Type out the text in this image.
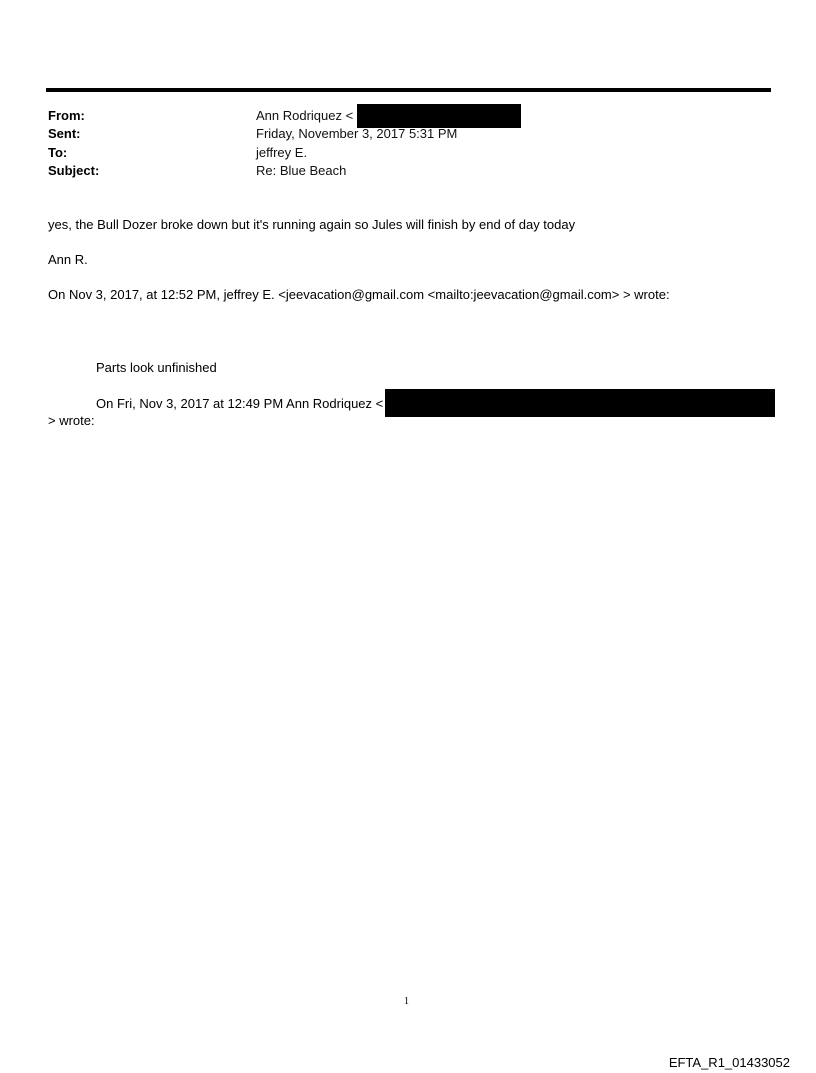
From:	Ann Rodriquez <
Sent:	Friday, November 3, 2017 5:31 PM
To:	jeffrey E.
Subject:	Re: Blue Beach
yes, the Bull Dozer broke down but it's running again so Jules will finish by end of day today
Ann R.
On Nov 3, 2017, at 12:52 PM, jeffrey E. <jeevacation@gmail.com <mailto:jeevacation@gmail.com> > wrote:
Parts look unfinished
On Fri, Nov 3, 2017 at 12:49 PM Ann Rodriquez <
> wrote:
1
EFTA_R1_01433052
